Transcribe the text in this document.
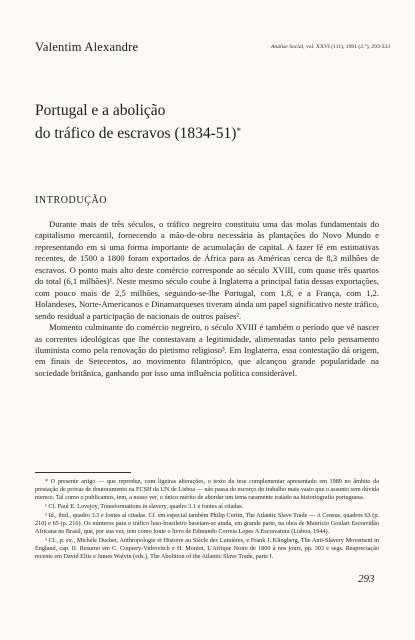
Valentim Alexandre	Análise Social, vol. XXVI (111), 1991 (2.°), 293-333
Portugal e a abolição
do tráfico de escravos (1834-51)*
INTRODUÇÃO

Durante mais de três séculos, o tráfico negreiro constituiu uma das molas fundamentais do capitalismo mercantil, fornecendo a mão-de-obra necessária às plantações do Novo Mundo e representando em si uma forma importante de acumulação de capital. A fazer fé em estimativas recentes, de 1500 a 1800 foram exportados de África para as Américas cerca de 8,3 milhões de escravos. O ponto mais alto deste comércio corresponde ao século XVIII, com quase três quartos do total (6,1 milhões)¹. Neste mesmo século coube à Inglaterra a principal fatia dessas exportações, com pouco mais de 2,5 milhões, seguindo-se-lhe Portugal, com 1,8, e a França, com 1,2. Holandeses, Norte-Americanos e Dinamarqueses tiveram ainda um papel significativo neste tráfico, sendo residual a participação de nacionais de outros países².

Momento culminante do comércio negreiro, o século XVIII é também o período que vê nascer as correntes ideológicas que lhe contestavam a legitimidade, alimentadas tanto pelo pensamento iluminista como pela renovação do pietismo religioso³. Em Inglaterra, essa contestação dá origem, em finais de Setecentos, ao movimento filantrópico, que alcançou grande popularidade na sociedade britânica, ganhando por isso uma influência política considerável.

* O presente artigo — que reproduz, com ligeiras alterações, o texto da tese complementar apresentado em 1989 no âmbito da prestação de provas de doutoramento na FCSH da UN de Lisboa — não passa do escorço do trabalho mais vasto que o assunto sem dúvida merece. Tal como o publicamos, tem, a nosso ver, o único mérito de abordar um tema raramente tratado na historiografia portuguesa.

¹ Cf. Paul E. Lovejoy, Transformations in slavery, quadro 3.1 e fontes aí citadas.

² Id., ibid., quadro 3.3 e fontes aí citadas. Cf. em especial também Philip Curtin, The Atlantic Slave Trade — A Census, quadros 63 (p. 210) e 65 (p. 216). Os números para o tráfico luso-brasileiro baseiam-se ainda, em grande parte, na obra de Maurício Goulart Escravidão Africana no Brasil, que, por sua vez, tem como fonte o livro de Edmundo Correia Lopes A Escravatura (Lisboa, 1944).

³ Cf., p. ex., Michèle Duchet, Anthropologie et Histoire au Siècle des Lumières, e Frank J. Klingberg, The Anti-Slavery Movement in England, cap. II. Resumo em C. Coquery-Vidrovitch e H. Moniot, L'Afrique Noire de 1800 à nos jours, pp. 303 e segs. Reapreciação recente em David Eltis e James Walvin (eds.), The Abolition of the Atlantic Slave Trade, parte I.

293
